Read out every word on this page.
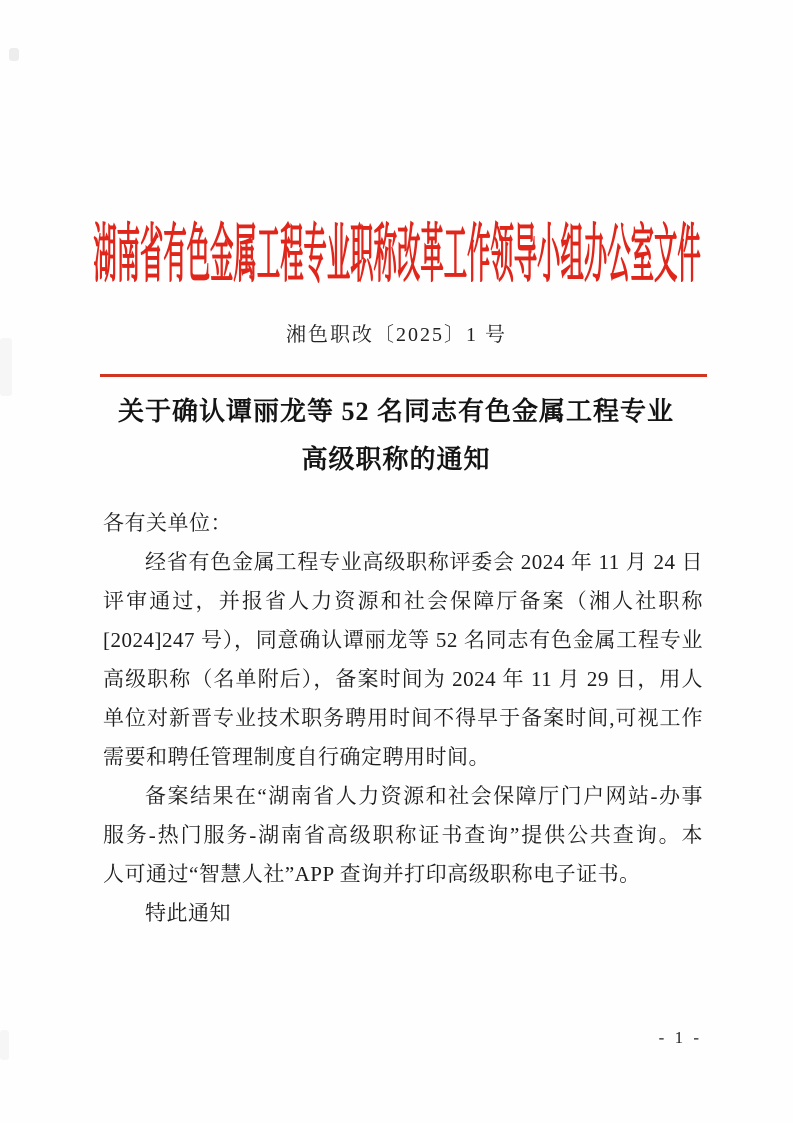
湖南省有色金属工程专业职称改革工作领导小组办公室文件
湘色职改〔2025〕1 号
关于确认谭丽龙等 52 名同志有色金属工程专业
高级职称的通知
各有关单位：
经省有色金属工程专业高级职称评委会 2024 年 11 月 24 日
评审通过，并报省人力资源和社会保障厅备案（湘人社职称
[2024]247 号），同意确认谭丽龙等 52 名同志有色金属工程专业
高级职称（名单附后），备案时间为 2024 年 11 月 29 日，用人
单位对新晋专业技术职务聘用时间不得早于备案时间,可视工作
需要和聘任管理制度自行确定聘用时间。
备案结果在“湖南省人力资源和社会保障厅门户网站-办事
服务-热门服务-湖南省高级职称证书查询”提供公共查询。本
人可通过“智慧人社”APP 查询并打印高级职称电子证书。
特此通知
- 1 -
